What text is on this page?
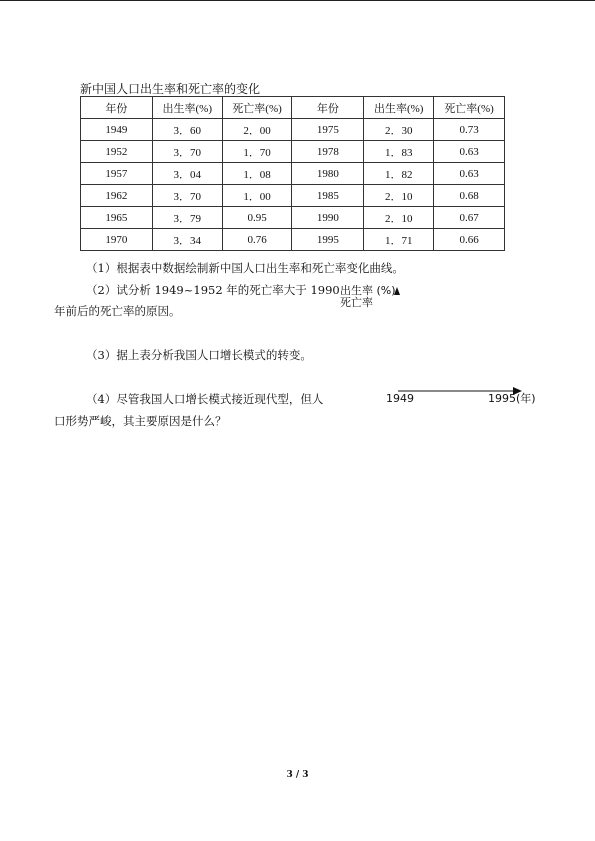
新中国人口出生率和死亡率的变化
年份	出生率(%)	死亡率(%)	年份	出生率(%)	死亡率(%)
1949	3．60	2．00	1975	2．30	0.73
1952	3．70	1．70	1978	1．83	0.63
1957	3．04	1．08	1980	1．82	0.63
1962	3．70	1．00	1985	2．10	0.68
1965	3．79	0.95	1990	2．10	0.67
1970	3．34	0.76	1995	1．71	0.66
（1）根据表中数据绘制新中国人口出生率和死亡率变化曲线。
（2）试分析 1949~1952 年的死亡率大于 1990
年前后的死亡率的原因。
（3）据上表分析我国人口增长模式的转变。
（4）尽管我国人口增长模式接近现代型，但人
口形势严峻，其主要原因是什么？
出生率 (%)
死亡率
1949	1995(年)
3 / 3
